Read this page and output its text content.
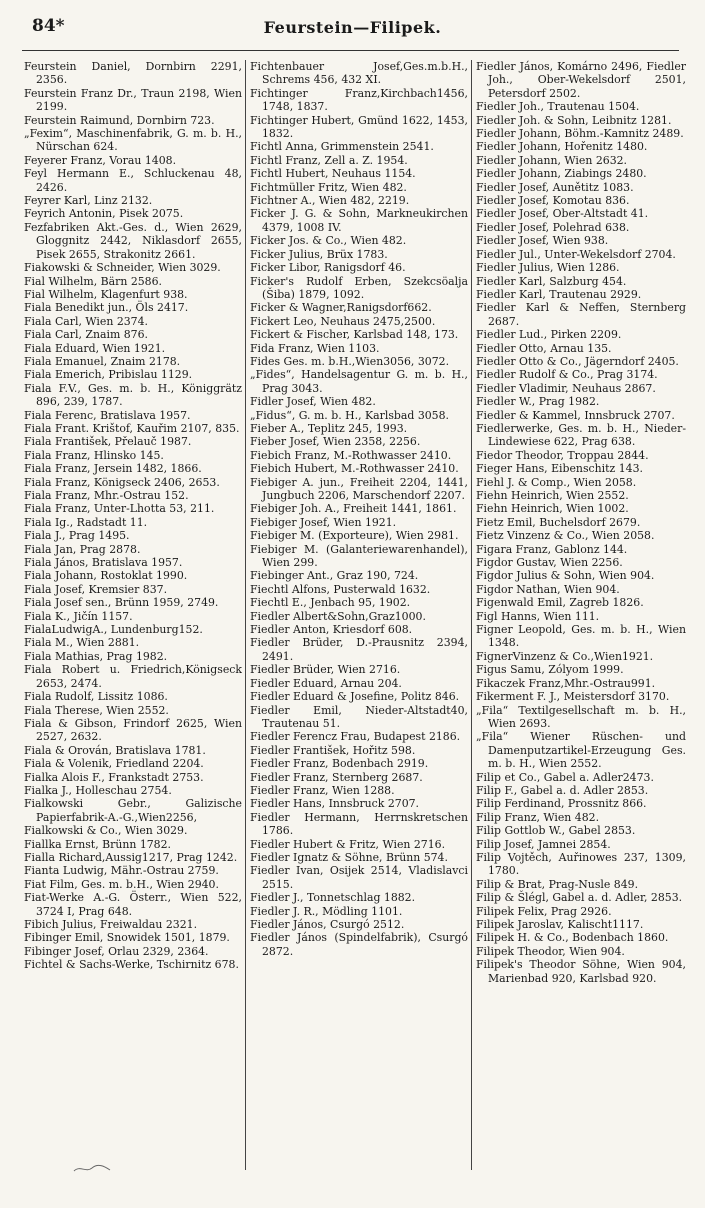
84*	Feurstein—Filipek.
Feurstein Daniel, Dornbirn 2291, 2356.
Feurstein Franz Dr., Traun 2198, Wien 2199.
Feurstein Raimund, Dornbirn 723.
„Fexim“, Maschinenfabrik, G. m. b. H., Nürschan 624.
Feyerer Franz, Vorau 1408.
Feyl Hermann E., Schluckenau 48, 2426.
Feyrer Karl, Linz 2132.
Feyrich Antonin, Pisek 2075.
Fezfabriken Akt.-Ges. d., Wien 2629, Gloggnitz 2442, Niklasdorf 2655, Pisek 2655, Strakonitz 2661.
Fiakowski & Schneider, Wien 3029.
Fial Wilhelm, Bärn 2586.
Fial Wilhelm, Klagenfurt 938.
Fiala Benedikt jun., Öls 2417.
Fiala Carl, Wien 2374.
Fiala Carl, Znaim 876.
Fiala Eduard, Wien 1921.
Fiala Emanuel, Znaim 2178.
Fiala Emerich, Pribislau 1129.
Fiala F.V., Ges. m. b. H., Königgrätz 896, 239, 1787.
Fiala Ferenc, Bratislava 1957.
Fiala Frant. Krištof, Kauřim 2107, 835.
Fiala František, Přelauč 1987.
Fiala Franz, Hlinsko 145.
Fiala Franz, Jersein 1482, 1866.
Fiala Franz, Königseck 2406, 2653.
Fiala Franz, Mhr.-Ostrau 152.
Fiala Franz, Unter-Lhotta 53, 211.
Fiala Ig., Radstadt 11.
Fiala J., Prag 1495.
Fiala Jan, Prag 2878.
Fiala János, Bratislava 1957.
Fiala Johann, Rostoklat 1990.
Fiala Josef, Kremsier 837.
Fiala Josef sen., Brünn 1959, 2749.
Fiala K., Jičín 1157.
FialaLudwigA., Lundenburg152.
Fiala M., Wien 2881.
Fiala Mathias, Prag 1982.
Fiala Robert u. Friedrich,Königseck 2653, 2474.
Fiala Rudolf, Lissitz 1086.
Fiala Therese, Wien 2552.
Fiala & Gibson, Frindorf 2625, Wien 2527, 2632.
Fiala & Orován, Bratislava 1781.
Fiala & Volenik, Friedland 2204.
Fialka Alois F., Frankstadt 2753.
Fialka J., Holleschau 2754.
Fialkowski Gebr., Galizische Papierfabrik-A.-G.,Wien2256,
Fialkowski & Co., Wien 3029.
Fiallka Ernst, Brünn 1782.
Fialla Richard,Aussig1217, Prag 1242.
Fianta Ludwig, Mähr.-Ostrau 2759.
Fiat Film, Ges. m. b.H., Wien 2940.
Fiat-Werke A.-G. Österr., Wien 522, 3724 I, Prag 648.
Fibich Julius, Freiwaldau 2321.
Fibinger Emil, Snowidek 1501, 1879.
Fibinger Josef, Orlau 2329, 2364.
Fichtel & Sachs-Werke, Tschirnitz 678.
Fichtenbauer Josef,Ges.m.b.H., Schrems 456, 432 XI.
Fichtinger Franz,Kirchbach1456, 1748, 1837.
Fichtinger Hubert, Gmünd 1622, 1453, 1832.
Fichtl Anna, Grimmenstein 2541.
Fichtl Franz, Zell a. Z. 1954.
Fichtl Hubert, Neuhaus 1154.
Fichtmüller Fritz, Wien 482.
Fichtner A., Wien 482, 2219.
Ficker J. G. & Sohn, Markneukirchen 4379, 1008 IV.
Ficker Jos. & Co., Wien 482.
Ficker Julius, Brüx 1783.
Ficker Libor, Ranigsdorf 46.
Ficker's Rudolf Erben, Szekcsöalja (Šiba) 1879, 1092.
Ficker & Wagner,Ranigsdorf662.
Fickert Leo, Neuhaus 2475,2500.
Fickert & Fischer, Karlsbad 148, 173.
Fida Franz, Wien 1103.
Fides Ges. m. b.H.,Wien3056, 3072.
„Fides“, Handelsagentur G. m. b. H., Prag 3043.
Fidler Josef, Wien 482.
„Fidus“, G. m. b. H., Karlsbad 3058.
Fieber A., Teplitz 245, 1993.
Fieber Josef, Wien 2358, 2256.
Fiebich Franz, M.-Rothwasser 2410.
Fiebich Hubert, M.-Rothwasser 2410.
Fiebiger A. jun., Freiheit 2204, 1441, Jungbuch 2206, Marschendorf 2207.
Fiebiger Joh. A., Freiheit 1441, 1861.
Fiebiger Josef, Wien 1921.
Fiebiger M. (Exporteure), Wien 2981.
Fiebiger M. (Galanteriewarenhandel), Wien 299.
Fiebinger Ant., Graz 190, 724.
Fiechtl Alfons, Pusterwald 1632.
Fiechtl E., Jenbach 95, 1902.
Fiedler Albert&Sohn,Graz1000.
Fiedler Anton, Kriesdorf 608.
Fiedler Brüder, D.-Prausnitz 2394, 2491.
Fiedler Brüder, Wien 2716.
Fiedler Eduard, Arnau 204.
Fiedler Eduard & Josefine, Politz 846.
Fiedler Emil, Nieder-Altstadt40, Trautenau 51.
Fiedler Ferencz Frau, Budapest 2186.
Fiedler František, Hořitz 598.
Fiedler Franz, Bodenbach 2919.
Fiedler Franz, Sternberg 2687.
Fiedler Franz, Wien 1288.
Fiedler Hans, Innsbruck 2707.
Fiedler Hermann, Herrnskretschen 1786.
Fiedler Hubert & Fritz, Wien 2716.
Fiedler Ignatz & Söhne, Brünn 574.
Fiedler Ivan, Osijek 2514, Vladislavci 2515.
Fiedler J., Tonnetschlag 1882.
Fiedler J. R., Mödling 1101.
Fiedler János, Csurgó 2512.
Fiedler János (Spindelfabrik), Csurgó 2872.
Fiedler János, Komárno 2496, Fiedler Joh., Ober-Wekelsdorf 2501, Petersdorf 2502.
Fiedler Joh., Trautenau 1504.
Fiedler Joh. & Sohn, Leibnitz 1281.
Fiedler Johann, Böhm.-Kamnitz 2489.
Fiedler Johann, Hořenitz 1480.
Fiedler Johann, Wien 2632.
Fiedler Johann, Ziabings 2480.
Fiedler Josef, Aunětitz 1083.
Fiedler Josef, Komotau 836.
Fiedler Josef, Ober-Altstadt 41.
Fiedler Josef, Polehrad 638.
Fiedler Josef, Wien 938.
Fiedler Jul., Unter-Wekelsdorf 2704.
Fiedler Julius, Wien 1286.
Fiedler Karl, Salzburg 454.
Fiedler Karl, Trautenau 2929.
Fiedler Karl & Neffen, Sternberg 2687.
Fiedler Lud., Pirken 2209.
Fiedler Otto, Arnau 135.
Fiedler Otto & Co., Jägerndorf 2405.
Fiedler Rudolf & Co., Prag 3174.
Fiedler Vladimir, Neuhaus 2867.
Fiedler W., Prag 1982.
Fiedler & Kammel, Innsbruck 2707.
Fiedlerwerke, Ges. m. b. H., Nieder-Lindewiese 622, Prag 638.
Fiedor Theodor, Troppau 2844.
Fieger Hans, Eibenschitz 143.
Fiehl J. & Comp., Wien 2058.
Fiehn Heinrich, Wien 2552.
Fiehn Heinrich, Wien 1002.
Fietz Emil, Buchelsdorf 2679.
Fietz Vinzenz & Co., Wien 2058.
Figara Franz, Gablonz 144.
Figdor Gustav, Wien 2256.
Figdor Julius & Sohn, Wien 904.
Figdor Nathan, Wien 904.
Figenwald Emil, Zagreb 1826.
Figl Hanns, Wien 111.
Figner Leopold, Ges. m. b. H., Wien 1348.
FignerVinzenz & Co.,Wien1921.
Figus Samu, Zólyom 1999.
Fikaczek Franz,Mhr.-Ostrau991.
Fikerment F. J., Meistersdorf 3170.
„Fila“ Textilgesellschaft m. b. H., Wien 2693.
„Fila“ Wiener Rüschen- und Damenputzartikel-Erzeugung Ges. m. b. H., Wien 2552.
Filip et Co., Gabel a. Adler2473.
Filip F., Gabel a. d. Adler 2853.
Filip Ferdinand, Prossnitz 866.
Filip Franz, Wien 482.
Filip Gottlob W., Gabel 2853.
Filip Josef, Jamnei 2854.
Filip Vojtěch, Auřinowes 237, 1309, 1780.
Filip & Brat, Prag-Nusle 849.
Filip & Šlégl, Gabel a. d. Adler, 2853.
Filipek Felix, Prag 2926.
Filipek Jaroslav, Kalischt1117.
Filipek H. & Co., Bodenbach 1860.
Filipek Theodor, Wien 904.
Filipek's Theodor Söhne, Wien 904, Marienbad 920, Karlsbad 920.
